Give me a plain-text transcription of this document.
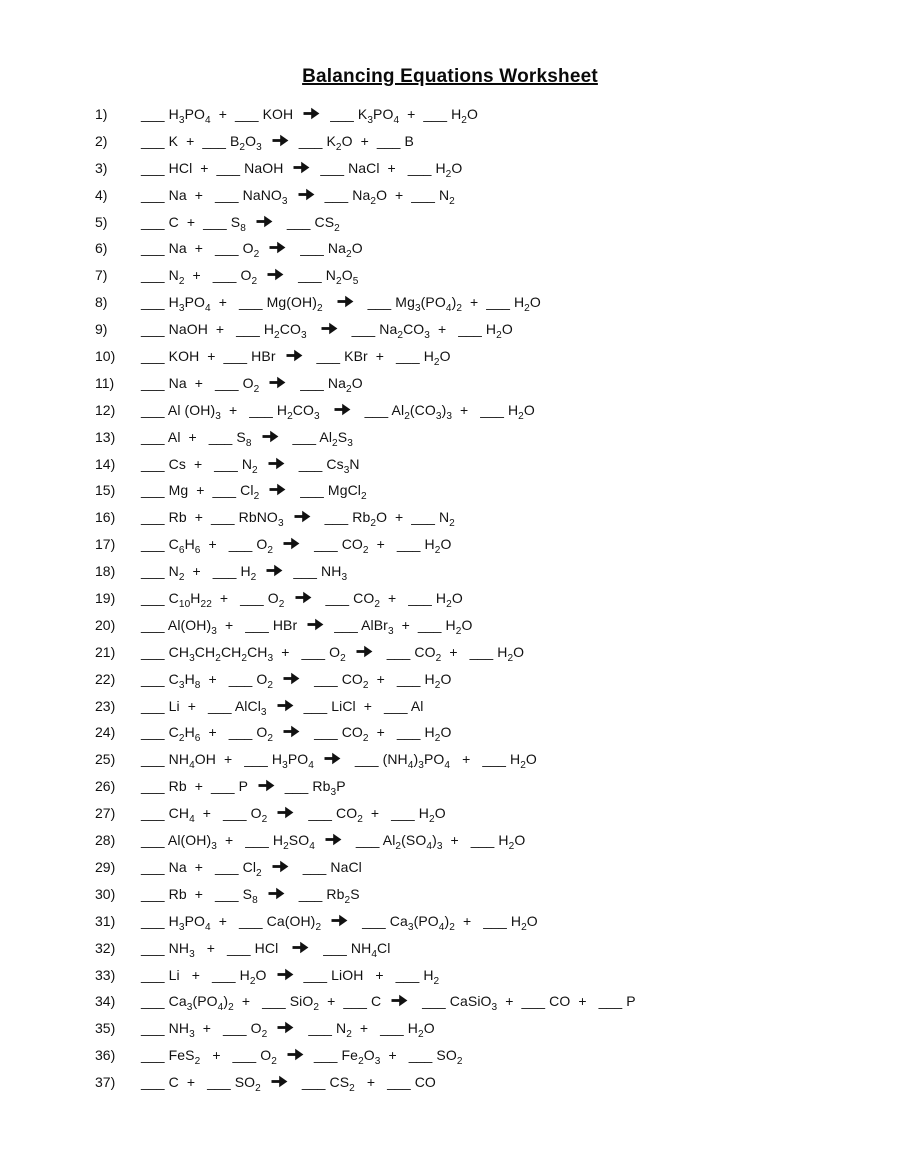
Balancing Equations Worksheet
1)	___ $H_3PO_4$  +  ___ KOH    ___ $K_3PO_4$  +  ___ $H_2O$
2)	___ K  +  ___ $B_2O_3$    ___ $K_2O$  +  ___ B
3)	___ HCl  +  ___ NaOH    ___ NaCl  +   ___ $H_2O$
4)	___ Na  +   ___ NaNO$_3$    ___ $Na_2O$  +  ___ $N_2$
5)	___ C  +  ___ $S_8$     ___ $CS_2$
6)	___ Na  +   ___ $O_2$     ___ $Na_2O$
7)	___ $N_2$  +   ___ $O_2$     ___ $N_2O_5$
8)	___ $H_3PO_4$  +   ___ $Mg(OH)_2$      ___ $Mg_3(PO_4)_2$  +  ___ $H_2O$
9)	___ NaOH  +   ___ $H_2CO_3$      ___ $Na_2CO_3$  +   ___ $H_2O$
10)	___ KOH  +  ___ HBr     ___ KBr  +   ___ $H_2O$
11)	___ Na  +   ___ $O_2$     ___ $Na_2O$
12)	___ Al $(OH)_3$  +   ___ $H_2CO_3$      ___ $Al_2(CO_3)_3$  +   ___ $H_2O$
13)	___ Al  +   ___ $S_8$     ___ $Al_2S_3$
14)	___ Cs  +   ___ $N_2$     ___ $Cs_3N$
15)	___ Mg  +  ___ $Cl_2$     ___ MgCl$_2$
16)	___ Rb  +  ___ RbNO$_3$     ___ $Rb_2O$  +  ___ $N_2$
17)	___ $C_6H_6$  +   ___ $O_2$     ___ $CO_2$  +   ___ $H_2O$
18)	___ $N_2$  +   ___ $H_2$    ___ $NH_3$
19)	___ $C_{10}H_{22}$  +   ___ $O_2$     ___ $CO_2$  +   ___ $H_2O$
20)	___ $Al(OH)_3$  +   ___ HBr    ___ AlBr$_3$  +  ___ $H_2O$
21)	___ $CH_3CH_2CH_2CH_3$  +   ___ $O_2$     ___ $CO_2$  +   ___ $H_2O$
22)	___ $C_3H_8$  +   ___ $O_2$     ___ $CO_2$  +   ___ $H_2O$
23)	___ Li  +   ___ AlCl$_3$    ___ LiCl  +   ___ Al
24)	___ $C_2H_6$  +   ___ $O_2$     ___ $CO_2$  +   ___ $H_2O$
25)	___ $NH_4OH$  +   ___ $H_3PO_4$     ___ $(NH_4)_3PO_4$   +   ___ $H_2O$
26)	___ Rb  +  ___ P    ___ $Rb_3P$
27)	___ $CH_4$  +   ___ $O_2$     ___ $CO_2$  +   ___ $H_2O$
28)	___ $Al(OH)_3$  +   ___ $H_2SO_4$     ___ $Al_2(SO_4)_3$  +   ___ $H_2O$
29)	___ Na  +   ___ $Cl_2$     ___ NaCl
30)	___ Rb  +   ___ $S_8$     ___ $Rb_2S$
31)	___ $H_3PO_4$  +   ___ $Ca(OH)_2$     ___ $Ca_3(PO_4)_2$  +   ___ $H_2O$
32)	___ $NH_3$   +   ___ HCl      ___ $NH_4Cl$
33)	___ Li   +   ___ $H_2O$    ___ LiOH   +   ___ $H_2$
34)	___ $Ca_3(PO_4)_2$  +   ___ SiO$_2$  +  ___ C     ___ CaSiO$_3$  +  ___ CO  +   ___ P
35)	___ $NH_3$  +   ___ $O_2$     ___ $N_2$  +   ___ $H_2O$
36)	___ FeS$_2$   +   ___ $O_2$    ___ $Fe_2O_3$  +   ___ $SO_2$
37)	___ C  +   ___ $SO_2$     ___ $CS_2$   +   ___ CO
